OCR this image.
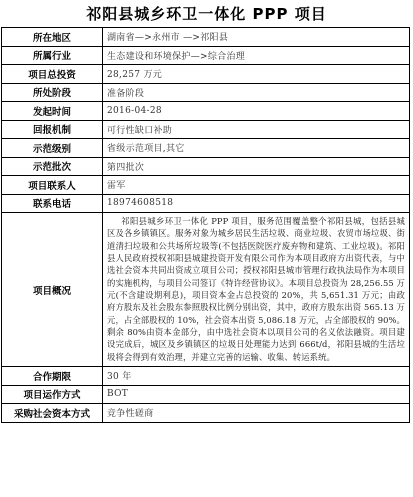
祁阳县城乡环卫一体化 PPP 项目
所在地区	湖南省—>永州市 —>祁阳县
所属行业	生态建设和环境保护—>综合治理
项目总投资	28,257 万元
所处阶段	准备阶段
发起时间	2016-04-28
回报机制	可行性缺口补助
示范级别	省级示范项目,其它
示范批次	第四批次
项目联系人	雷军
联系电话	18974608518
项目概况	祁阳县城乡环卫一体化 PPP 项目，服务范围覆盖整个祁阳县城，包括县城区及各乡镇镇区。服务对象为城乡居民生活垃圾、商业垃圾、农贸市场垃圾、街道清扫垃圾和公共场所垃圾等(不包括医院医疗废弃物和建筑、工业垃圾)。祁阳县人民政府授权祁阳县城建投资开发有限公司作为本项目政府方出资代表，与中选社会资本共同出资成立项目公司；授权祁阳县城市管理行政执法局作为本项目的实施机构，与项目公司签订《特许经营协议》。本项目总投资为 28,256.55 万元(不含建设期利息)，项目资本金占总投资的 20%，共 5,651.31 万元；由政府方股东及社会股东参照股权比例分别出资，其中，政府方股东出资 565.13 万元，占全部股权的 10%，社会资本出资 5,086.18 万元，占全部股权的 90%。剩余 80%由资本金部分，由中选社会资本以项目公司的名义依法融资。项目建设完成后，城区及乡镇镇区的垃圾日处理能力达到 666t/d，祁阳县城的生活垃圾将会得到有效治理，并建立完善的运输、收集、转运系统。
合作期限	30 年
项目运作方式	BOT
采购社会资本方式	竞争性磋商
